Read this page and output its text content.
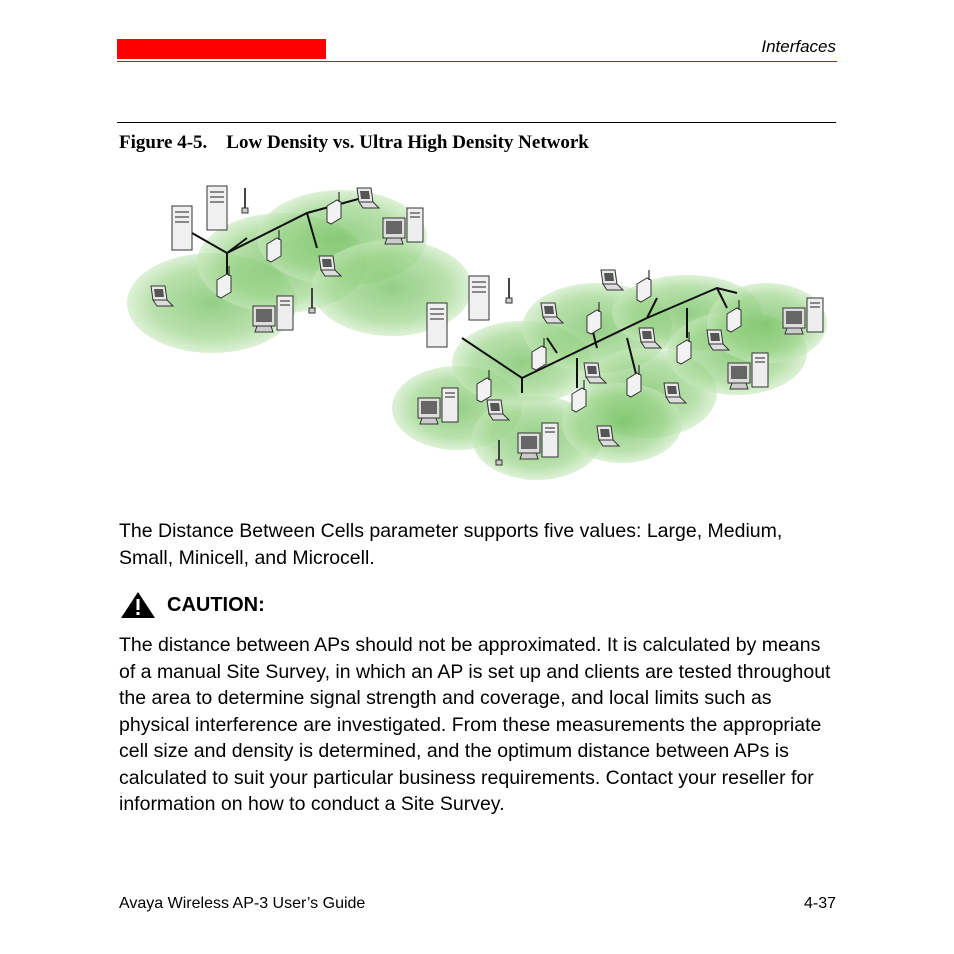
Interfaces
Figure 4-5.    Low Density vs. Ultra High Density Network
The Distance Between Cells parameter supports five values: Large, Medium, Small, Minicell, and Microcell.
CAUTION:
The distance between APs should not be approximated. It is calculated by means of a manual Site Survey, in which an AP is set up and clients are tested throughout the area to determine signal strength and coverage, and local limits such as physical interference are investigated. From these measurements the appropriate cell size and density is determined, and the optimum distance between APs is calculated to suit your particular business requirements. Contact your reseller for information on how to conduct a Site Survey.
Avaya Wireless AP-3 User’s Guide	4-37
